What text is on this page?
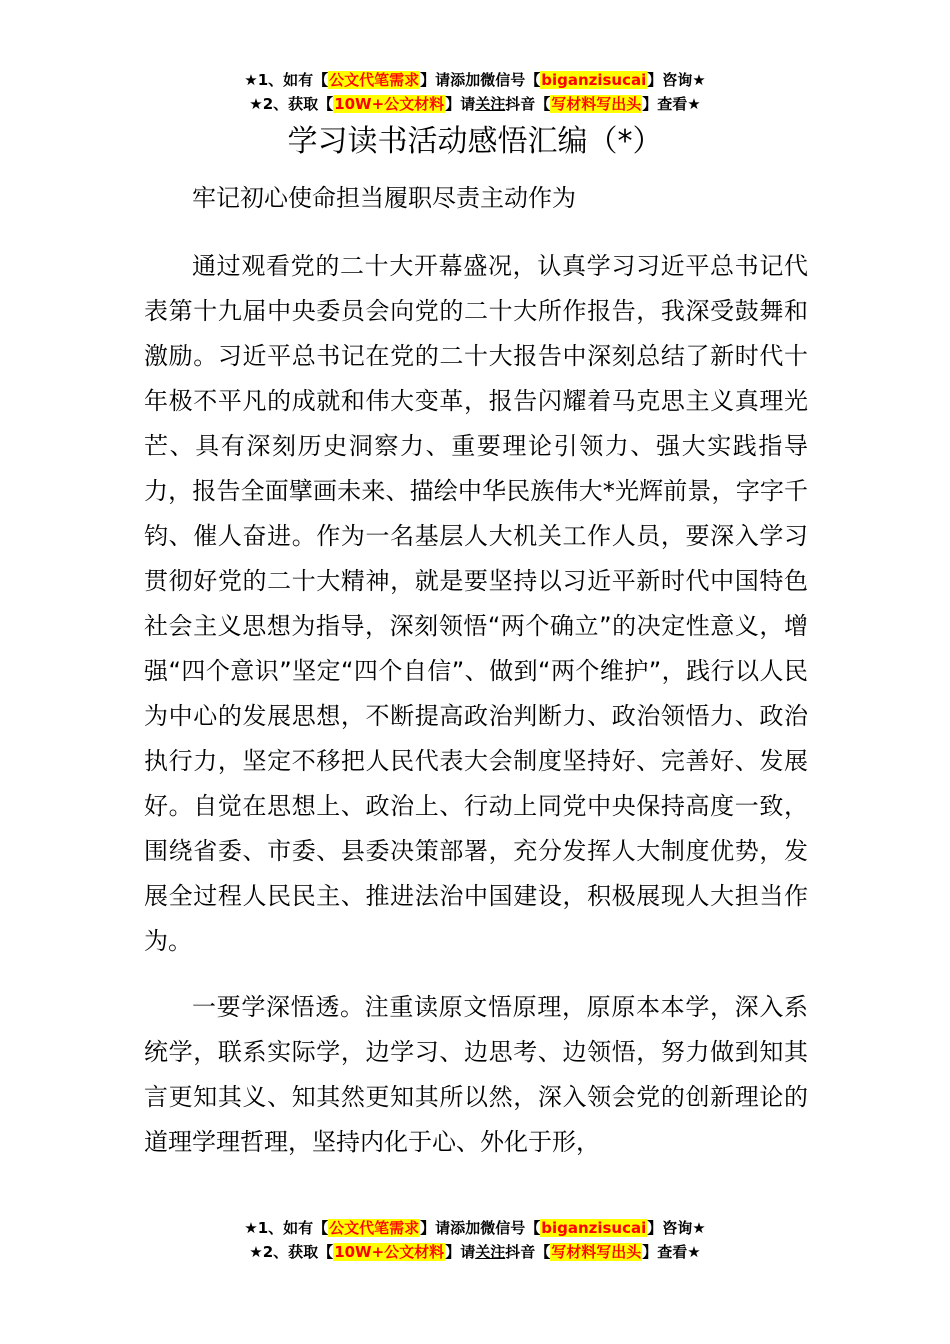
★1、如有【公文代笔需求】请添加微信号【biganzisucai】咨询★
★2、获取【10W+公文材料】请关注抖音【写材料写出头】查看★
学习读书活动感悟汇编（*）

牢记初心使命担当履职尽责主动作为

通过观看党的二十大开幕盛况，认真学习习近平总书记代表第十九届中央委员会向党的二十大所作报告，我深受鼓舞和激励。习近平总书记在党的二十大报告中深刻总结了新时代十年极不平凡的成就和伟大变革，报告闪耀着马克思主义真理光芒、具有深刻历史洞察力、重要理论引领力、强大实践指导力，报告全面擘画未来、描绘中华民族伟大*光辉前景，字字千钧、催人奋进。作为一名基层人大机关工作人员，要深入学习贯彻好党的二十大精神，就是要坚持以习近平新时代中国特色社会主义思想为指导，深刻领悟“两个确立”的决定性意义，增强“四个意识”坚定“四个自信”、做到“两个维护”，践行以人民为中心的发展思想，不断提高政治判断力、政治领悟力、政治执行力，坚定不移把人民代表大会制度坚持好、完善好、发展好。自觉在思想上、政治上、行动上同党中央保持高度一致，围绕省委、市委、县委决策部署，充分发挥人大制度优势，发展全过程人民民主、推进法治中国建设，积极展现人大担当作为。

一要学深悟透。注重读原文悟原理，原原本本学，深入系统学，联系实际学，边学习、边思考、边领悟，努力做到知其言更知其义、知其然更知其所以然，深入领会党的创新理论的道理学理哲理，坚持内化于心、外化于形，

★1、如有【公文代笔需求】请添加微信号【biganzisucai】咨询★
★2、获取【10W+公文材料】请关注抖音【写材料写出头】查看★
